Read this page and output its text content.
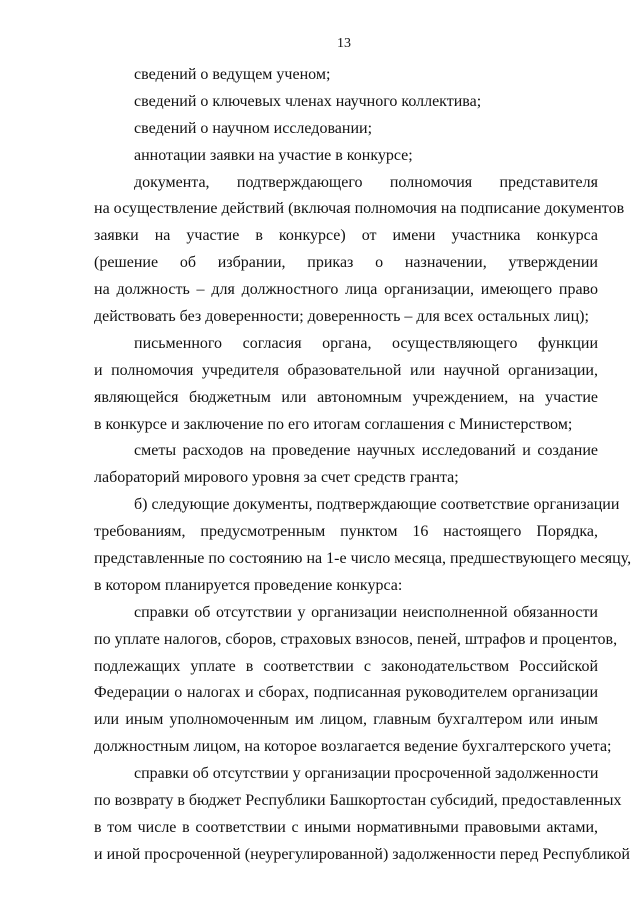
13
сведений о ведущем ученом;
сведений о ключевых членах научного коллектива;
сведений о научном исследовании;
аннотации заявки на участие в конкурсе;
документа, подтверждающего полномочия представителя
на осуществление действий (включая полномочия на подписание документов
заявки на участие в конкурсе) от имени участника конкурса
(решение об избрании, приказ о назначении, утверждении
на должность – для должностного лица организации, имеющего право
действовать без доверенности; доверенность – для всех остальных лиц);
письменного согласия органа, осуществляющего функции
и полномочия учредителя образовательной или научной организации,
являющейся бюджетным или автономным учреждением, на участие
в конкурсе и заключение по его итогам соглашения с Министерством;
сметы расходов на проведение научных исследований и создание
лабораторий мирового уровня за счет средств гранта;
б) следующие документы, подтверждающие соответствие организации
требованиям, предусмотренным пунктом 16 настоящего Порядка,
представленные по состоянию на 1-е число месяца, предшествующего месяцу,
в котором планируется проведение конкурса:
справки об отсутствии у организации неисполненной обязанности
по уплате налогов, сборов, страховых взносов, пеней, штрафов и процентов,
подлежащих уплате в соответствии с законодательством Российской
Федерации о налогах и сборах, подписанная руководителем организации
или иным уполномоченным им лицом, главным бухгалтером или иным
должностным лицом, на которое возлагается ведение бухгалтерского учета;
справки об отсутствии у организации просроченной задолженности
по возврату в бюджет Республики Башкортостан субсидий, предоставленных
в том числе в соответствии с иными нормативными правовыми актами,
и иной просроченной (неурегулированной) задолженности перед Республикой
